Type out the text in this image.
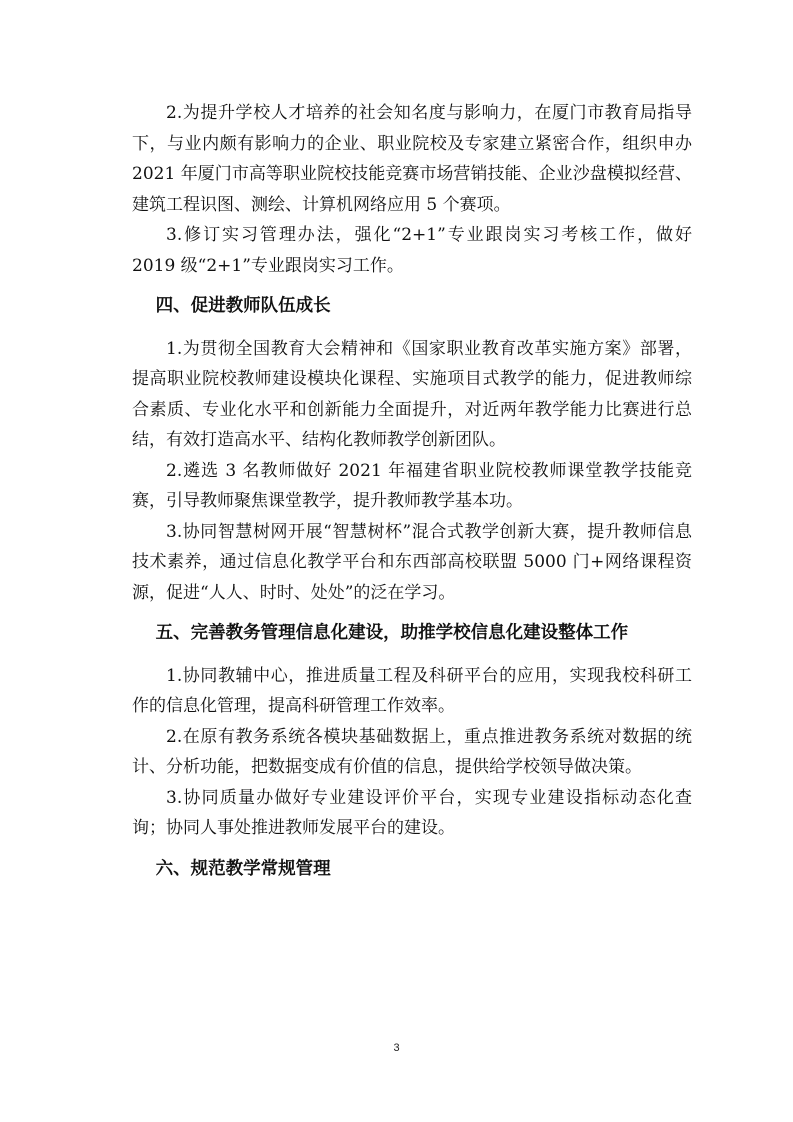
2.为提升学校人才培养的社会知名度与影响力，在厦门市教育局指导下，与业内颇有影响力的企业、职业院校及专家建立紧密合作，组织申办 2021 年厦门市高等职业院校技能竞赛市场营销技能、企业沙盘模拟经营、建筑工程识图、测绘、计算机网络应用 5 个赛项。

3.修订实习管理办法，强化“2+1”专业跟岗实习考核工作，做好 2019 级“2+1”专业跟岗实习工作。

四、促进教师队伍成长

1.为贯彻全国教育大会精神和《国家职业教育改革实施方案》部署，提高职业院校教师建设模块化课程、实施项目式教学的能力，促进教师综合素质、专业化水平和创新能力全面提升，对近两年教学能力比赛进行总结，有效打造高水平、结构化教师教学创新团队。

2.遴选 3 名教师做好 2021 年福建省职业院校教师课堂教学技能竞赛，引导教师聚焦课堂教学，提升教师教学基本功。

3.协同智慧树网开展“智慧树杯”混合式教学创新大赛，提升教师信息技术素养，通过信息化教学平台和东西部高校联盟 5000 门+网络课程资源，促进“人人、时时、处处”的泛在学习。

五、完善教务管理信息化建设，助推学校信息化建设整体工作

1.协同教辅中心，推进质量工程及科研平台的应用，实现我校科研工作的信息化管理，提高科研管理工作效率。

2.在原有教务系统各模块基础数据上，重点推进教务系统对数据的统计、分析功能，把数据变成有价值的信息，提供给学校领导做决策。

3.协同质量办做好专业建设评价平台，实现专业建设指标动态化查询；协同人事处推进教师发展平台的建设。

六、规范教学常规管理

3
